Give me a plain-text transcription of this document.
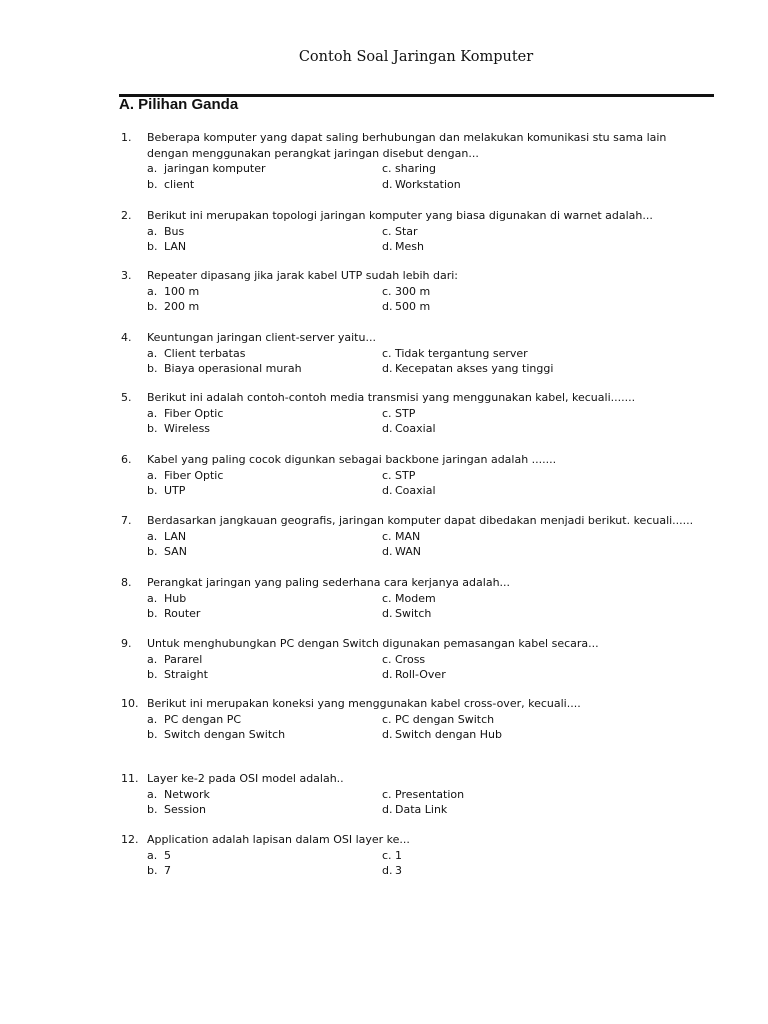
Contoh Soal Jaringan Komputer
A. Pilihan Ganda
1. Beberapa komputer yang dapat saling berhubungan dan melakukan komunikasi stu sama lain dengan menggunakan perangkat jaringan disebut dengan...
a. jaringan komputer	c. sharing
b. client	d. Workstation
2. Berikut ini merupakan topologi jaringan komputer yang biasa digunakan di warnet adalah...
a. Bus	c. Star
b. LAN	d. Mesh
3. Repeater dipasang jika jarak kabel UTP sudah lebih dari:
a. 100 m	c. 300 m
b. 200 m	d. 500 m
4. Keuntungan jaringan client-server yaitu...
a. Client terbatas	c. Tidak tergantung server
b. Biaya operasional murah	d. Kecepatan akses yang tinggi
5. Berikut ini adalah contoh-contoh media transmisi yang menggunakan kabel, kecuali.......
a. Fiber Optic	c. STP
b. Wireless	d. Coaxial
6. Kabel yang paling cocok digunkan sebagai backbone jaringan adalah .......
a. Fiber Optic	c. STP
b. UTP	d. Coaxial
7. Berdasarkan jangkauan geografis, jaringan komputer dapat dibedakan menjadi berikut. kecuali......
a. LAN	c. MAN
b. SAN	d. WAN
8. Perangkat jaringan yang paling sederhana cara kerjanya adalah...
a. Hub	c. Modem
b. Router	d. Switch
9. Untuk menghubungkan PC dengan Switch digunakan pemasangan kabel secara...
a. Pararel	c. Cross
b. Straight	d. Roll-Over
10. Berikut ini merupakan koneksi yang menggunakan kabel cross-over, kecuali....
a. PC dengan PC	c. PC dengan Switch
b. Switch dengan Switch	d. Switch dengan Hub
11. Layer ke-2 pada OSI model adalah..
a. Network	c. Presentation
b. Session	d. Data Link
12. Application adalah lapisan dalam OSI layer ke...
a. 5	c. 1
b. 7	d. 3
